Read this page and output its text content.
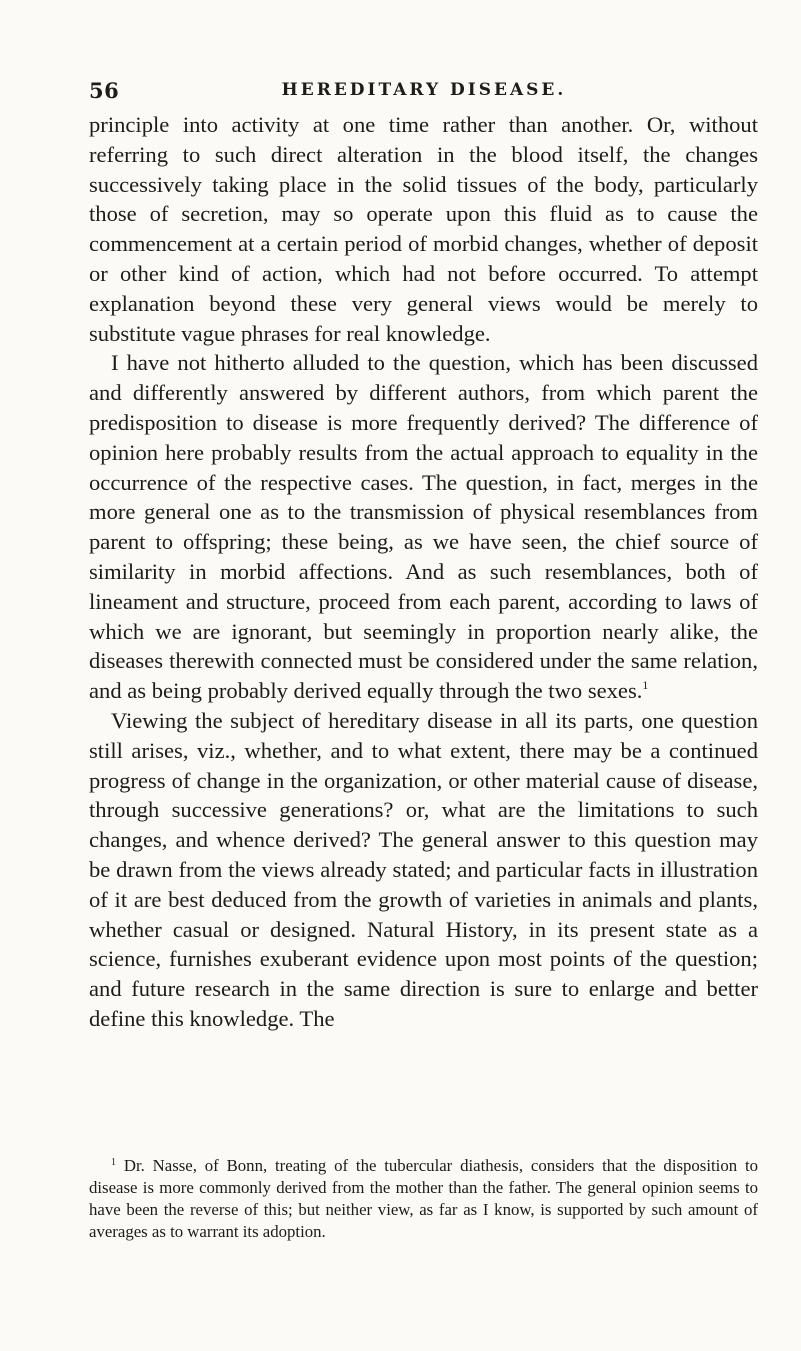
56	HEREDITARY DISEASE.

principle into activity at one time rather than another. Or, without referring to such direct alteration in the blood itself, the changes successively taking place in the solid tissues of the body, particularly those of secretion, may so operate upon this fluid as to cause the commencement at a certain period of morbid changes, whether of deposit or other kind of action, which had not before occurred. To attempt explanation beyond these very general views would be merely to substitute vague phrases for real knowledge.

I have not hitherto alluded to the question, which has been discussed and differently answered by different authors, from which parent the predisposition to disease is more frequently derived? The difference of opinion here probably results from the actual approach to equality in the occurrence of the respective cases. The question, in fact, merges in the more general one as to the transmission of physical resemblances from parent to offspring; these being, as we have seen, the chief source of similarity in morbid affections. And as such resemblances, both of lineament and structure, proceed from each parent, according to laws of which we are ignorant, but seemingly in proportion nearly alike, the diseases therewith connected must be considered under the same relation, and as being probably derived equally through the two sexes.$^1$

Viewing the subject of hereditary disease in all its parts, one question still arises, viz., whether, and to what extent, there may be a continued progress of change in the organization, or other material cause of disease, through successive generations? or, what are the limitations to such changes, and whence derived? The general answer to this question may be drawn from the views already stated; and particular facts in illustration of it are best deduced from the growth of varieties in animals and plants, whether casual or designed. Natural History, in its present state as a science, furnishes exuberant evidence upon most points of the question; and future research in the same direction is sure to enlarge and better define this knowledge. The

$^1$ Dr. Nasse, of Bonn, treating of the tubercular diathesis, considers that the disposition to disease is more commonly derived from the mother than the father. The general opinion seems to have been the reverse of this; but neither view, as far as I know, is supported by such amount of averages as to warrant its adoption.
